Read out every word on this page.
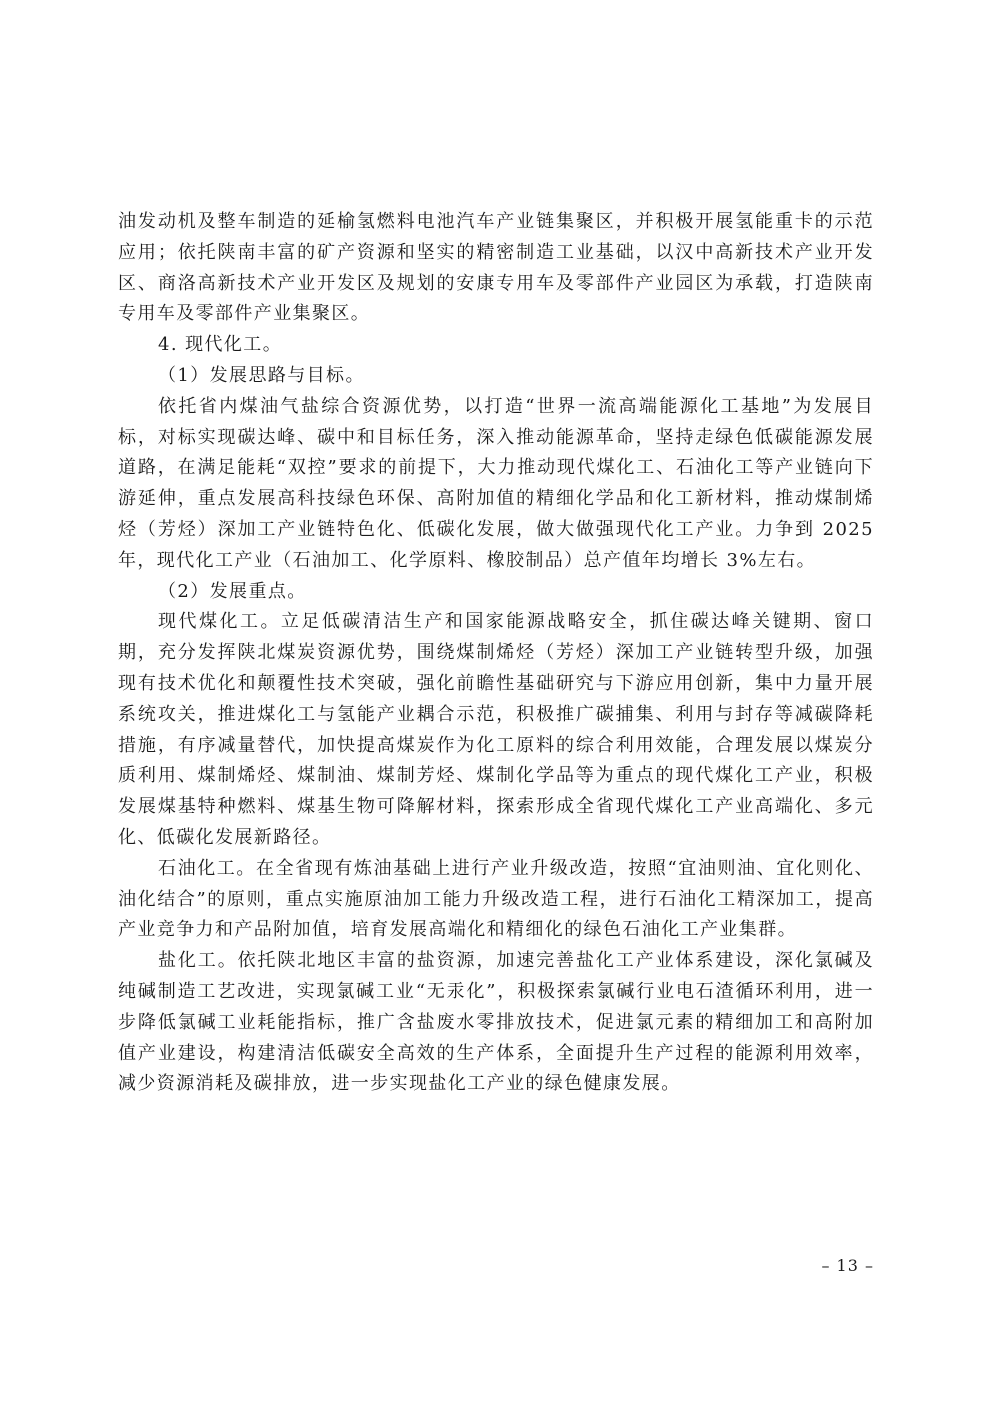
油发动机及整车制造的延榆氢燃料电池汽车产业链集聚区，并积极开展氢能重卡的示范应用；依托陕南丰富的矿产资源和坚实的精密制造工业基础，以汉中高新技术产业开发区、商洛高新技术产业开发区及规划的安康专用车及零部件产业园区为承载，打造陕南专用车及零部件产业集聚区。

4. 现代化工。

（1）发展思路与目标。

依托省内煤油气盐综合资源优势，以打造“世界一流高端能源化工基地”为发展目标，对标实现碳达峰、碳中和目标任务，深入推动能源革命，坚持走绿色低碳能源发展道路，在满足能耗“双控”要求的前提下，大力推动现代煤化工、石油化工等产业链向下游延伸，重点发展高科技绿色环保、高附加值的精细化学品和化工新材料，推动煤制烯烃（芳烃）深加工产业链特色化、低碳化发展，做大做强现代化工产业。力争到 2025 年，现代化工产业（石油加工、化学原料、橡胶制品）总产值年均增长 3%左右。

（2）发展重点。

现代煤化工。立足低碳清洁生产和国家能源战略安全，抓住碳达峰关键期、窗口期，充分发挥陕北煤炭资源优势，围绕煤制烯烃（芳烃）深加工产业链转型升级，加强现有技术优化和颠覆性技术突破，强化前瞻性基础研究与下游应用创新，集中力量开展系统攻关，推进煤化工与氢能产业耦合示范，积极推广碳捕集、利用与封存等减碳降耗措施，有序减量替代，加快提高煤炭作为化工原料的综合利用效能，合理发展以煤炭分质利用、煤制烯烃、煤制油、煤制芳烃、煤制化学品等为重点的现代煤化工产业，积极发展煤基特种燃料、煤基生物可降解材料，探索形成全省现代煤化工产业高端化、多元化、低碳化发展新路径。

石油化工。在全省现有炼油基础上进行产业升级改造，按照“宜油则油、宜化则化、油化结合”的原则，重点实施原油加工能力升级改造工程，进行石油化工精深加工，提高产业竞争力和产品附加值，培育发展高端化和精细化的绿色石油化工产业集群。

盐化工。依托陕北地区丰富的盐资源，加速完善盐化工产业体系建设，深化氯碱及纯碱制造工艺改进，实现氯碱工业“无汞化”，积极探索氯碱行业电石渣循环利用，进一步降低氯碱工业耗能指标，推广含盐废水零排放技术，促进氯元素的精细加工和高附加值产业建设，构建清洁低碳安全高效的生产体系，全面提升生产过程的能源利用效率，减少资源消耗及碳排放，进一步实现盐化工产业的绿色健康发展。

– 13 –
